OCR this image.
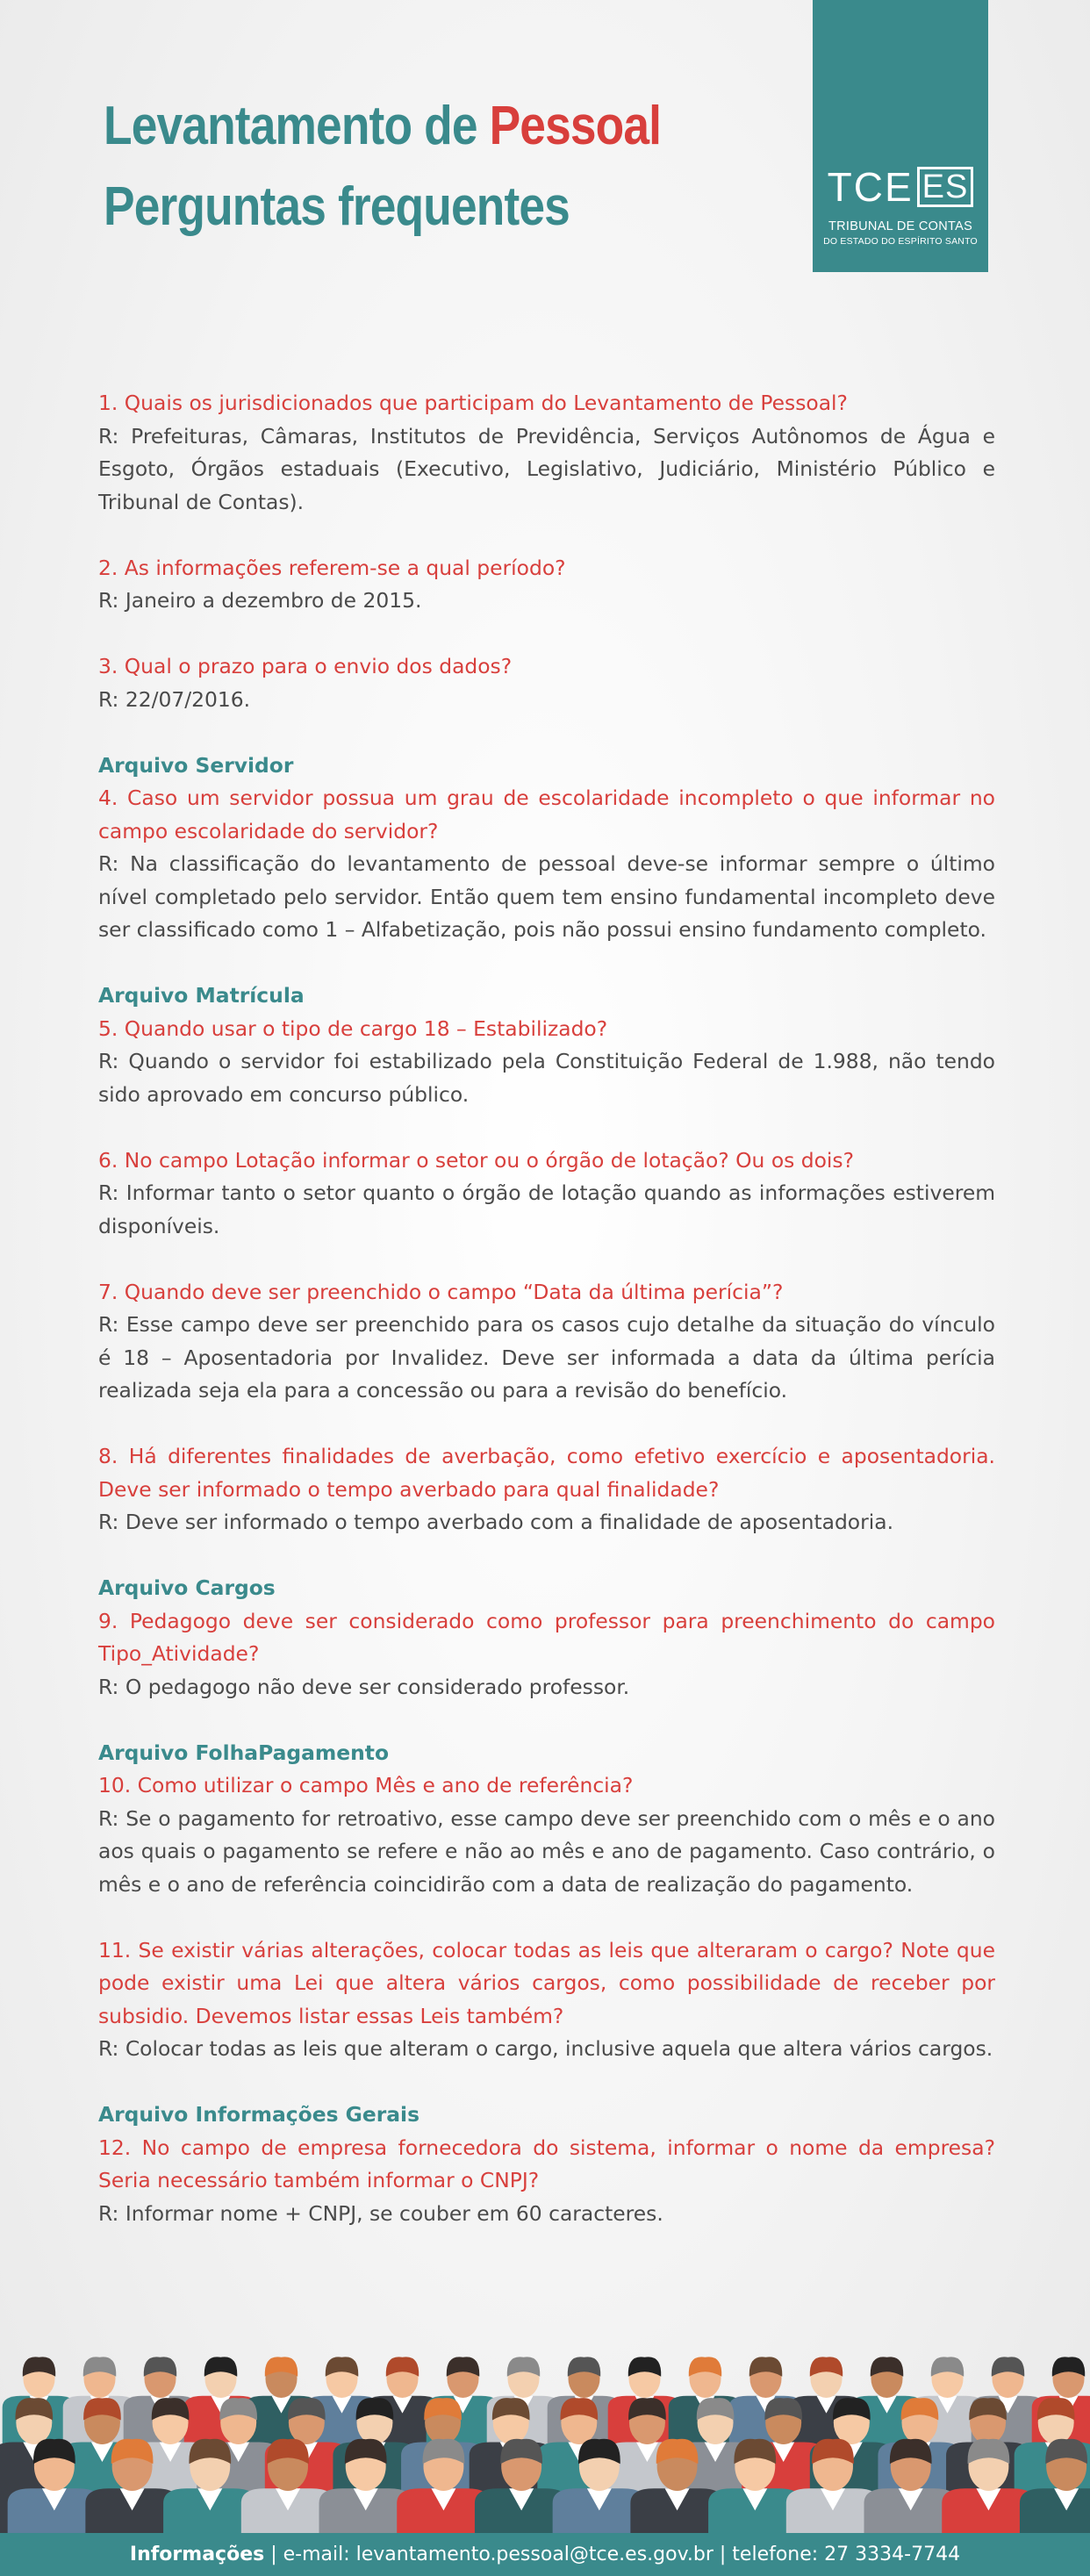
Levantamento de Pessoal
Perguntas frequentes	TCE ES
TRIBUNAL DE CONTAS
DO ESTADO DO ESPÍRITO SANTO

1. Quais os jurisdicionados que participam do Levantamento de Pessoal?

R: Prefeituras, Câmaras, Institutos de Previdência, Serviços Autônomos de Água e Esgoto, Órgãos estaduais (Executivo, Legislativo, Judiciário, Ministério Público e Tribunal de Contas).

2. As informações referem-se a qual período?

R: Janeiro a dezembro de 2015.

3. Qual o prazo para o envio dos dados?

R: 22/07/2016.

Arquivo Servidor

4. Caso um servidor possua um grau de escolaridade incompleto o que informar no campo escolaridade do servidor?

R: Na classificação do levantamento de pessoal deve-se informar sempre o último nível completado pelo servidor. Então quem tem ensino fundamental incompleto deve ser classificado como 1 – Alfabetização, pois não possui ensino fundamento completo.

Arquivo Matrícula

5. Quando usar o tipo de cargo 18 – Estabilizado?

R: Quando o servidor foi estabilizado pela Constituição Federal de 1.988, não tendo sido aprovado em concurso público.

6. No campo Lotação informar o setor ou o órgão de lotação? Ou os dois?

R: Informar tanto o setor quanto o órgão de lotação quando as informações estiverem disponíveis.

7. Quando deve ser preenchido o campo “Data da última perícia”?

R: Esse campo deve ser preenchido para os casos cujo detalhe da situação do vínculo é 18 – Aposentadoria por Invalidez. Deve ser informada a data da última perícia realizada seja ela para a concessão ou para a revisão do benefício.

8. Há diferentes finalidades de averbação, como efetivo exercício e aposentadoria. Deve ser informado o tempo averbado para qual finalidade?

R: Deve ser informado o tempo averbado com a finalidade de aposentadoria.

Arquivo Cargos

9. Pedagogo deve ser considerado como professor para preenchimento do campo Tipo_Atividade?

R: O pedagogo não deve ser considerado professor.

Arquivo FolhaPagamento

10. Como utilizar o campo Mês e ano de referência?

R: Se o pagamento for retroativo, esse campo deve ser preenchido com o mês e o ano aos quais o pagamento se refere e não ao mês e ano de pagamento. Caso contrário, o mês e o ano de referência coincidirão com a data de realização do pagamento.

11. Se existir várias alterações, colocar todas as leis que alteraram o cargo? Note que pode existir uma Lei que altera vários cargos, como possibilidade de receber por subsidio. Devemos listar essas Leis também?

R: Colocar todas as leis que alteram o cargo, inclusive aquela que altera vários cargos.

Arquivo Informações Gerais

12. No campo de empresa fornecedora do sistema, informar o nome da empresa? Seria necessário também informar o CNPJ?

R: Informar nome + CNPJ, se couber em 60 caracteres.

Informações | e-mail: levantamento.pessoal@tce.es.gov.br | telefone: 27 3334-7744
